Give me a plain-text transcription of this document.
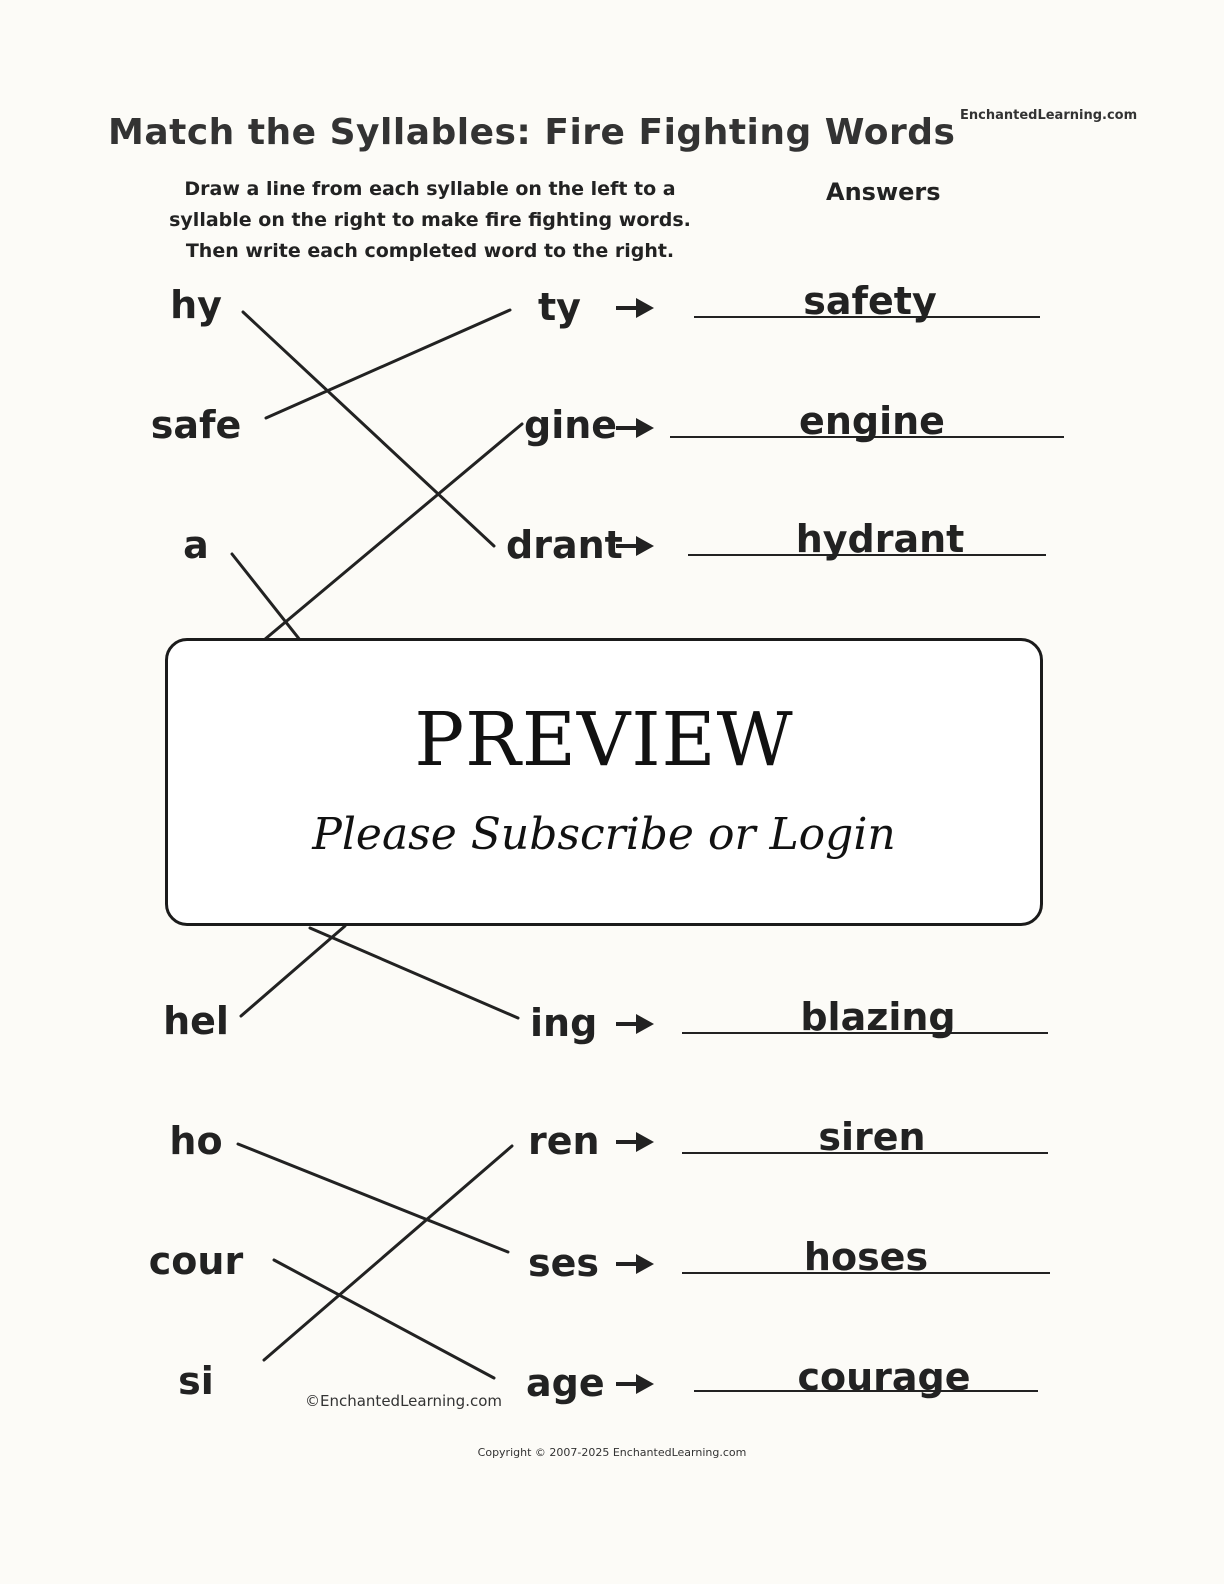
Match the Syllables: Fire Fighting Words EnchantedLearning.com
Draw a line from each syllable on the left to a
syllable on the right to make fire fighting words.
Then write each completed word to the right.
Answers
hy
safe
a
hel
ho
cour
si
ty
gine
drant
ing
ren
ses
age
safety
engine
hydrant
blazing
siren
hoses
courage
PREVIEW
Please Subscribe or Login
©EnchantedLearning.com
Copyright © 2007-2025 EnchantedLearning.com
